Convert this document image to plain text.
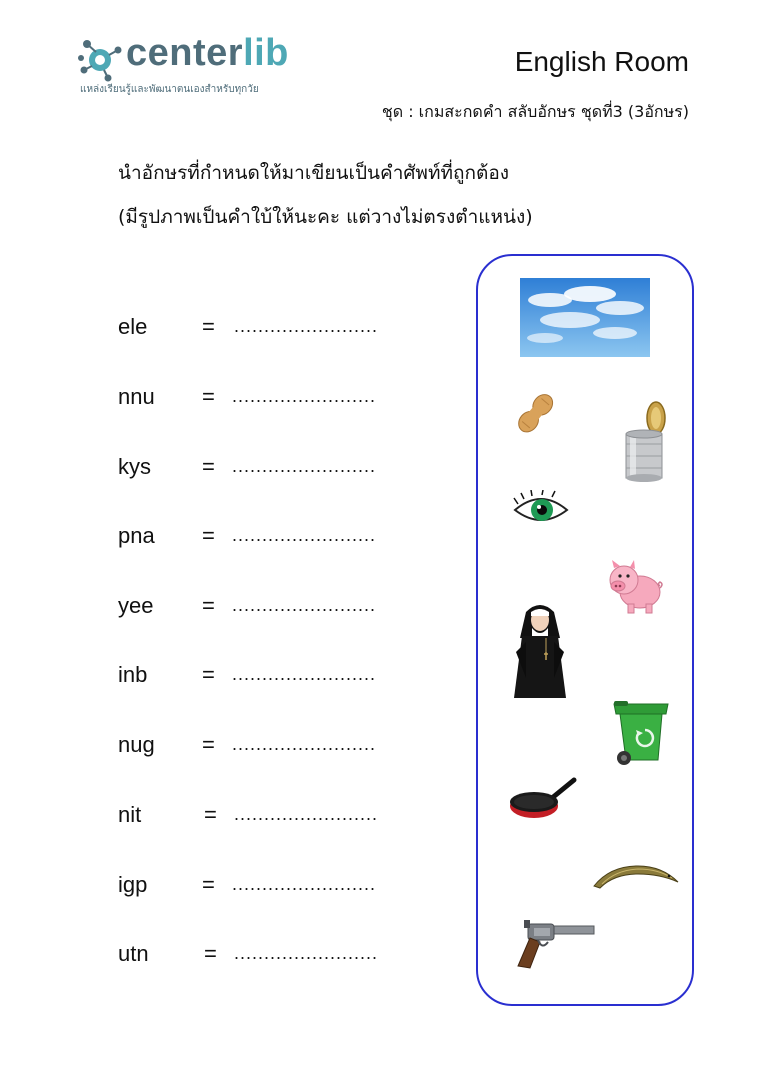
centerlib
แหล่งเรียนรู้และพัฒนาตนเองสำหรับทุกวัย
English Room
ชุด : เกมสะกดคำ สลับอักษร ชุดที่3 (3อักษร)
นำอักษรที่กำหนดให้มาเขียนเป็นคำศัพท์ที่ถูกต้อง
(มีรูปภาพเป็นคำใบ้ให้นะคะ แต่วางไม่ตรงตำแหน่ง)
ele = ........................
nnu = ........................
kys = ........................
pna = ........................
yee = ........................
inb = ........................
nug = ........................
nit	= ........................
igp = ........................
utn	= ........................
